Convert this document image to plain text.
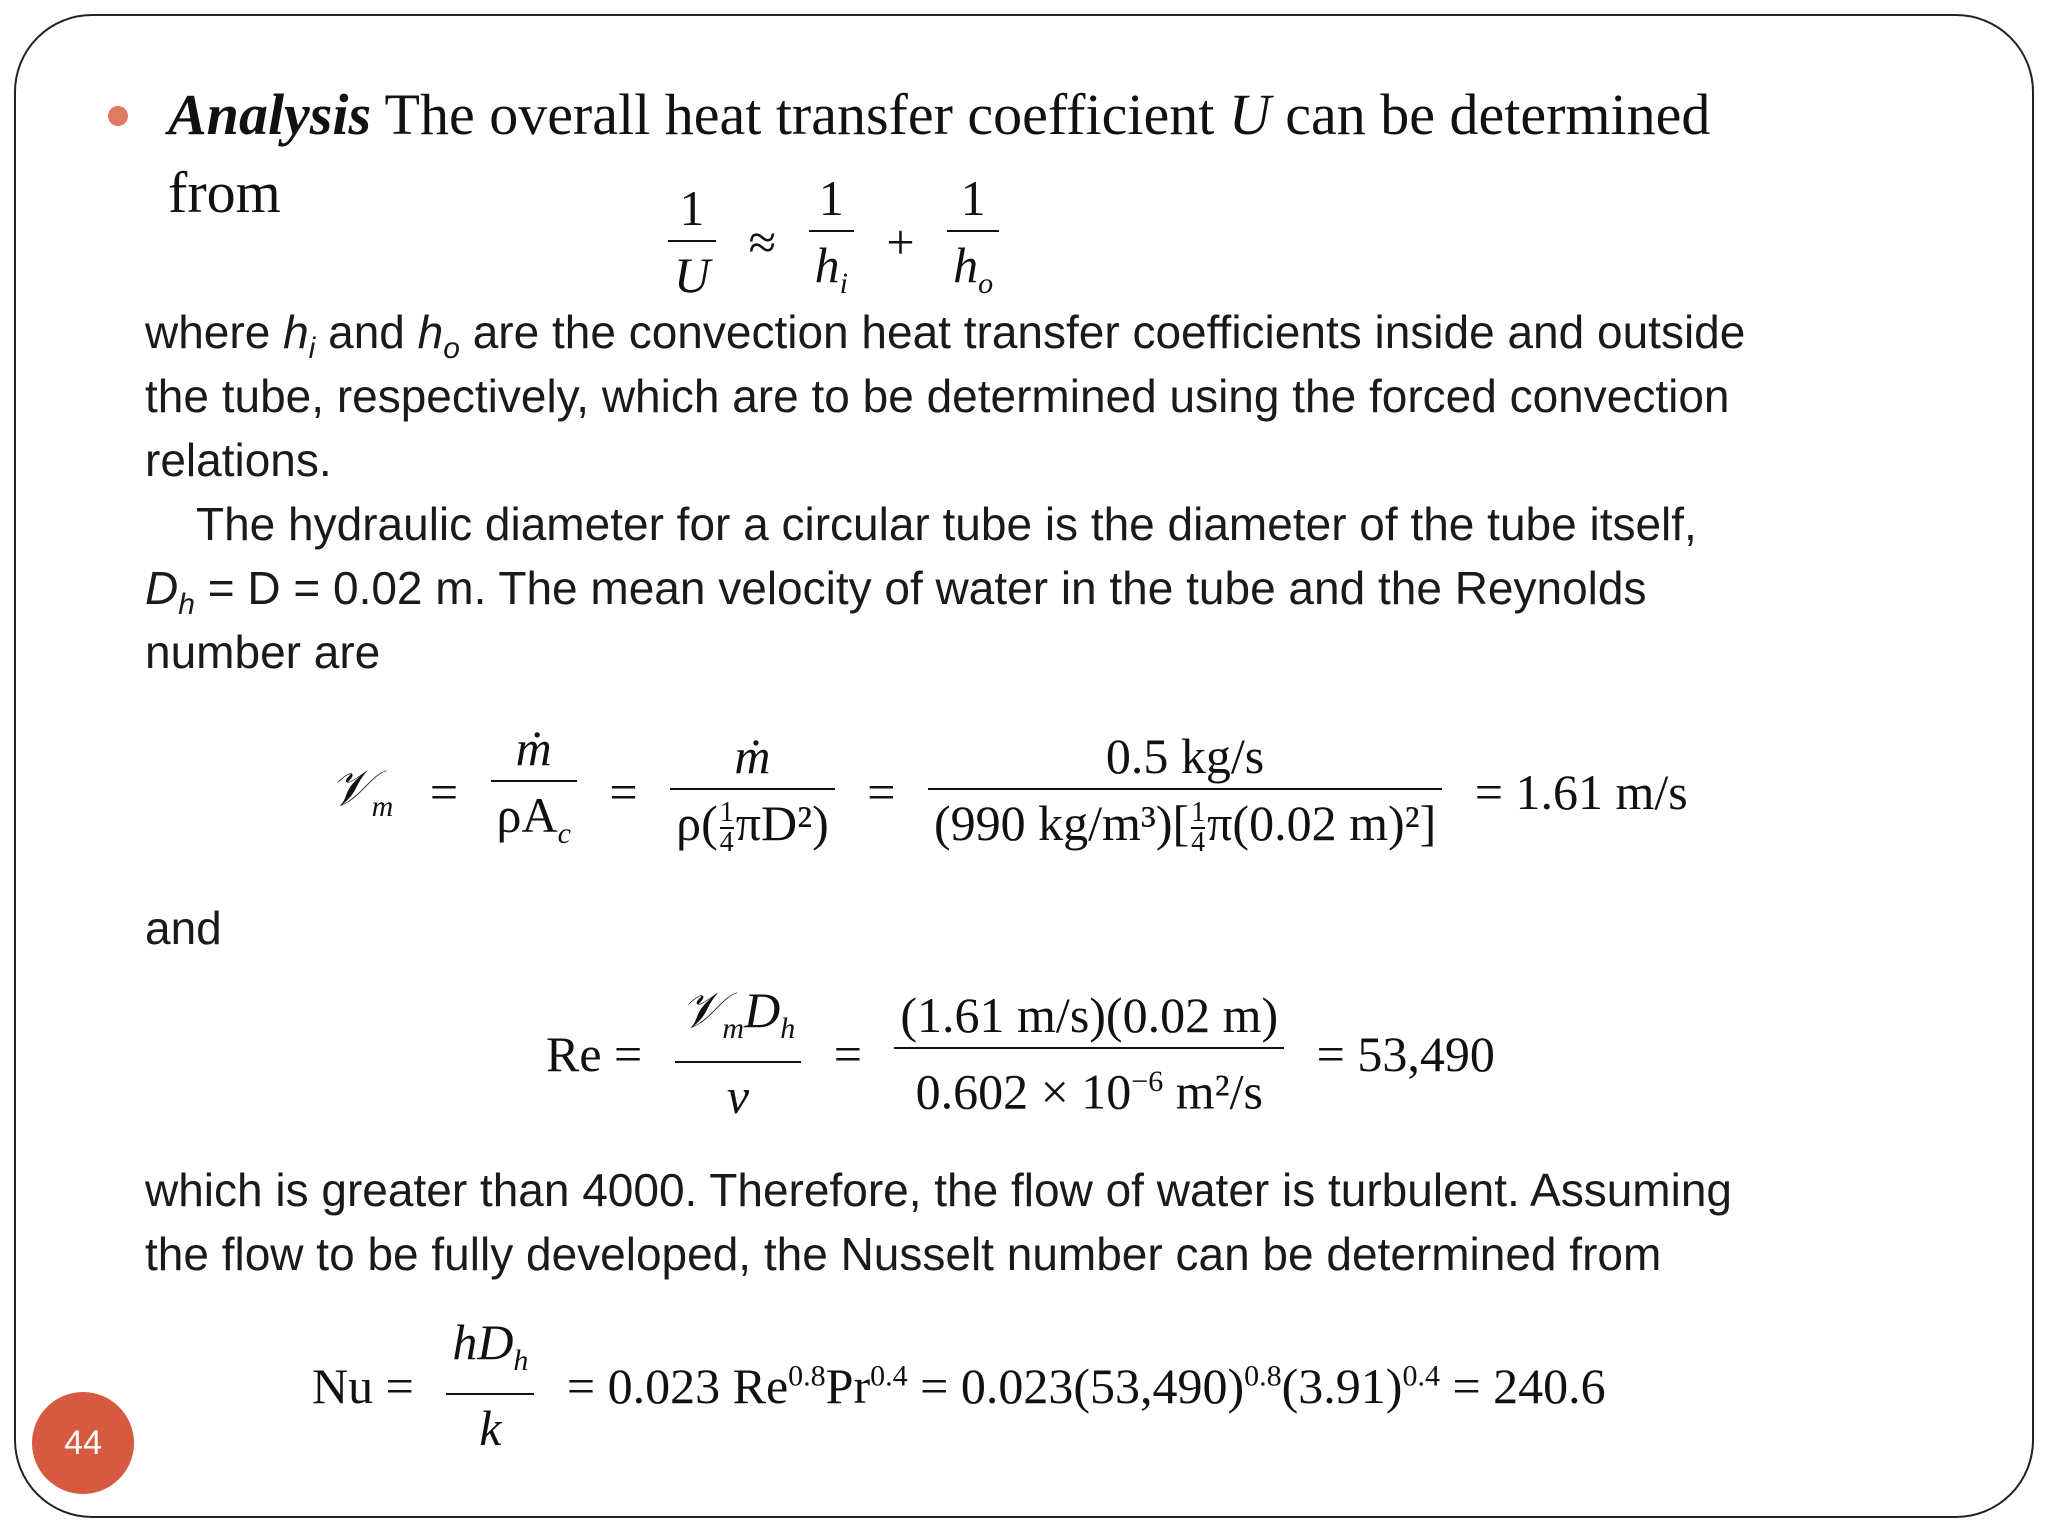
Analysis The overall heat transfer coefficient U can be determined
from	$\frac{1}{U} \approx \frac{1}{h_i} + \frac{1}{h_o}$
where $h_i$ and $h_o$ are the convection heat transfer coefficients inside and outside
the tube, respectively, which are to be determined using the forced convection
relations.
The hydraulic diameter for a circular tube is the diameter of the tube itself,
$D_h = D = 0.02$ m. The mean velocity of water in the tube and the Reynolds
number are
𝒱$_m$ = $\frac{\text{ṁ}}{\rho A_c} = \frac{\text{ṁ}}{\rho( \frac{1}{4} \pi D^2)} = \frac{0.5 kg/s}{(990 kg/m^3)[ \frac{1}{4} \pi(0.02 m)^2]} = 1.61$ m/s
and
$Re = \frac{𝒱_mD_h}{\nu} = \frac{(1.61 m/s)(0.02 m)}{0.602 \times 10^{-6} m^2/s} = 53,490$
which is greater than 4000. Therefore, the flow of water is turbulent. Assuming
the flow to be fully developed, the Nusselt number can be determined from
$Nu = \frac{hD_h}{k} = 0.023$ $Re^{0.8}Pr^{0.4} = 0.023(53,490)^{0.8}(3.91)^{0.4} = 240.6$
44
